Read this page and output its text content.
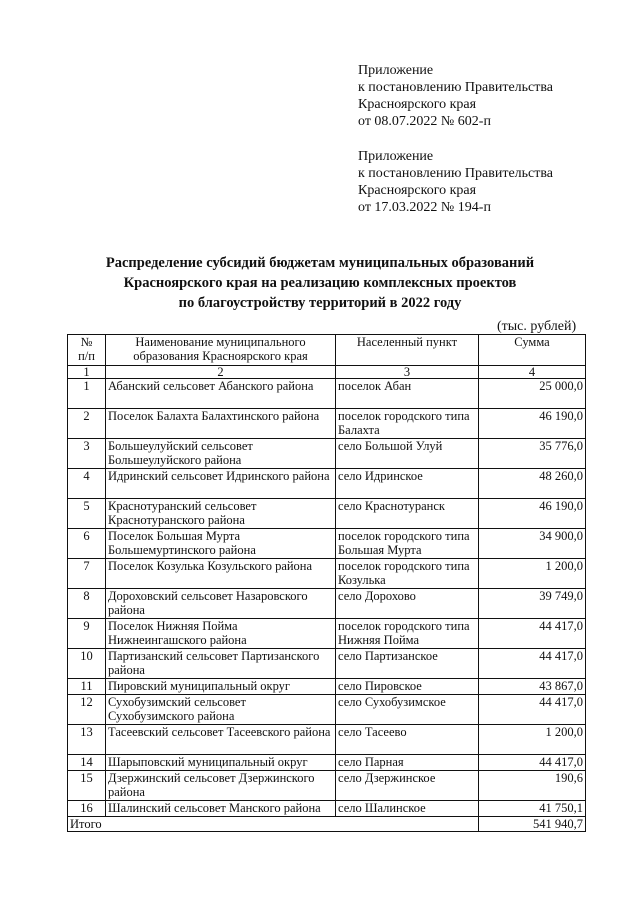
Приложение
к постановлению Правительства
Красноярского края
от 08.07.2022 № 602-п
Приложение
к постановлению Правительства
Красноярского края
от 17.03.2022 № 194-п
Распределение субсидий бюджетам муниципальных образований
Красноярского края на реализацию комплексных проектов
по благоустройству территорий в 2022 году
(тыс. рублей)
№ п/п	Наименование муниципального образования Красноярского края	Населенный пункт	Сумма
1	2	3	4
1	Абанский сельсовет Абанского района	поселок Абан	25 000,0
2	Поселок Балахта Балахтинского района	поселок городского типа Балахта	46 190,0
3	Большеулуйский сельсовет Большеулуйского района	село Большой Улуй	35 776,0
4	Идринский сельсовет Идринского района	село Идринское	48 260,0
5	Краснотуранский сельсовет Краснотуранского района	село Краснотуранск	46 190,0
6	Поселок Большая Мурта Большемуртинского района	поселок городского типа Большая Мурта	34 900,0
7	Поселок Козулька Козульского района	поселок городского типа Козулька	1 200,0
8	Дороховский сельсовет Назаровского района	село Дорохово	39 749,0
9	Поселок Нижняя Пойма Нижнеингашского района	поселок городского типа Нижняя Пойма	44 417,0
10	Партизанский сельсовет Партизанского района	село Партизанское	44 417,0
11	Пировский муниципальный округ	село Пировское	43 867,0
12	Сухобузимский сельсовет Сухобузимского района	село Сухобузимское	44 417,0
13	Тасеевский сельсовет Тасеевского района	село Тасеево	1 200,0
14	Шарыповский муниципальный округ	село Парная	44 417,0
15	Дзержинский сельсовет Дзержинского района	село Дзержинское	190,6
16	Шалинский сельсовет Манского района	село Шалинское	41 750,1
Итого			541 940,7
